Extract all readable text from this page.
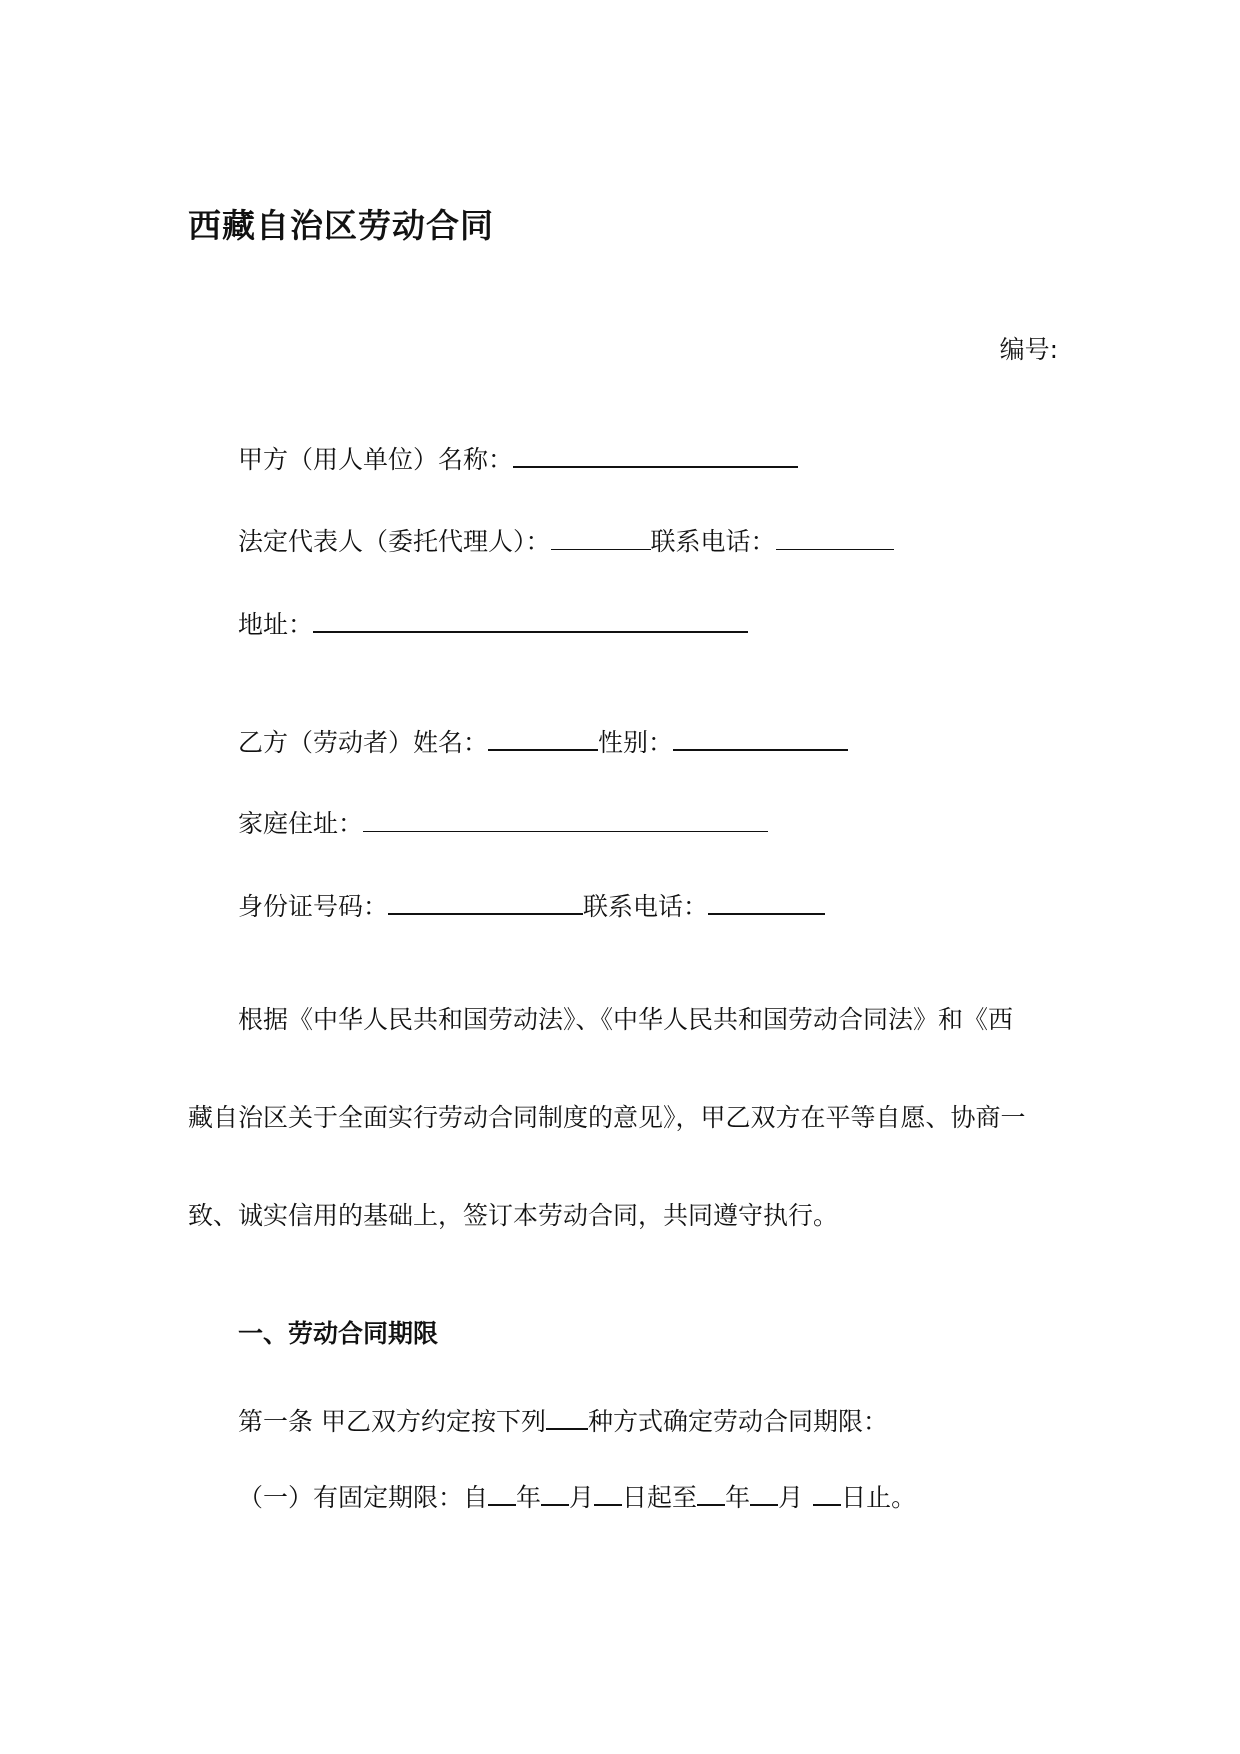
西藏自治区劳动合同
编号:
甲方（用人单位）名称：
法定代表人（委托代理人）：	联系电话：
地址：
乙方（劳动者）姓名：	性别：
家庭住址：
身份证号码：	联系电话：
根据《中华人民共和国劳动法》、《中华人民共和国劳动合同法》和《西
藏自治区关于全面实行劳动合同制度的意见》，甲乙双方在平等自愿、协商一
致、诚实信用的基础上，签订本劳动合同，共同遵守执行。
一、劳动合同期限
第一条 甲乙双方约定按下列 种方式确定劳动合同期限：
（一）有固定期限：自 年 月 日起至 年 月 日止。
